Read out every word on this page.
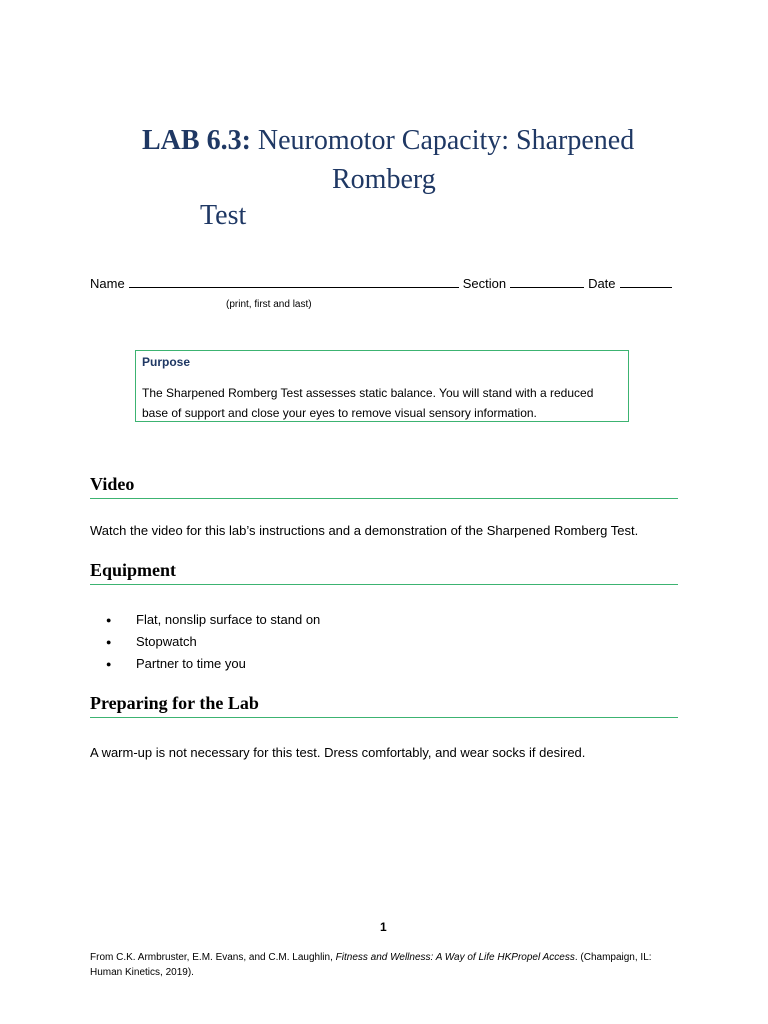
LAB 6.3: Neuromotor Capacity: Sharpened
Romberg
Test
Name	Section	Date
(print, first and last)
Purpose
The Sharpened Romberg Test assesses static balance. You will stand with a reduced
base of support and close your eyes to remove visual sensory information.
Video
Watch the video for this lab’s instructions and a demonstration of the Sharpened Romberg Test.
Equipment
● Flat, nonslip surface to stand on
● Stopwatch
● Partner to time you
Preparing for the Lab
A warm-up is not necessary for this test. Dress comfortably, and wear socks if desired.
1
From C.K. Armbruster, E.M. Evans, and C.M. Laughlin, Fitness and Wellness: A Way of Life HKPropel Access. (Champaign, IL:
Human Kinetics, 2019).
